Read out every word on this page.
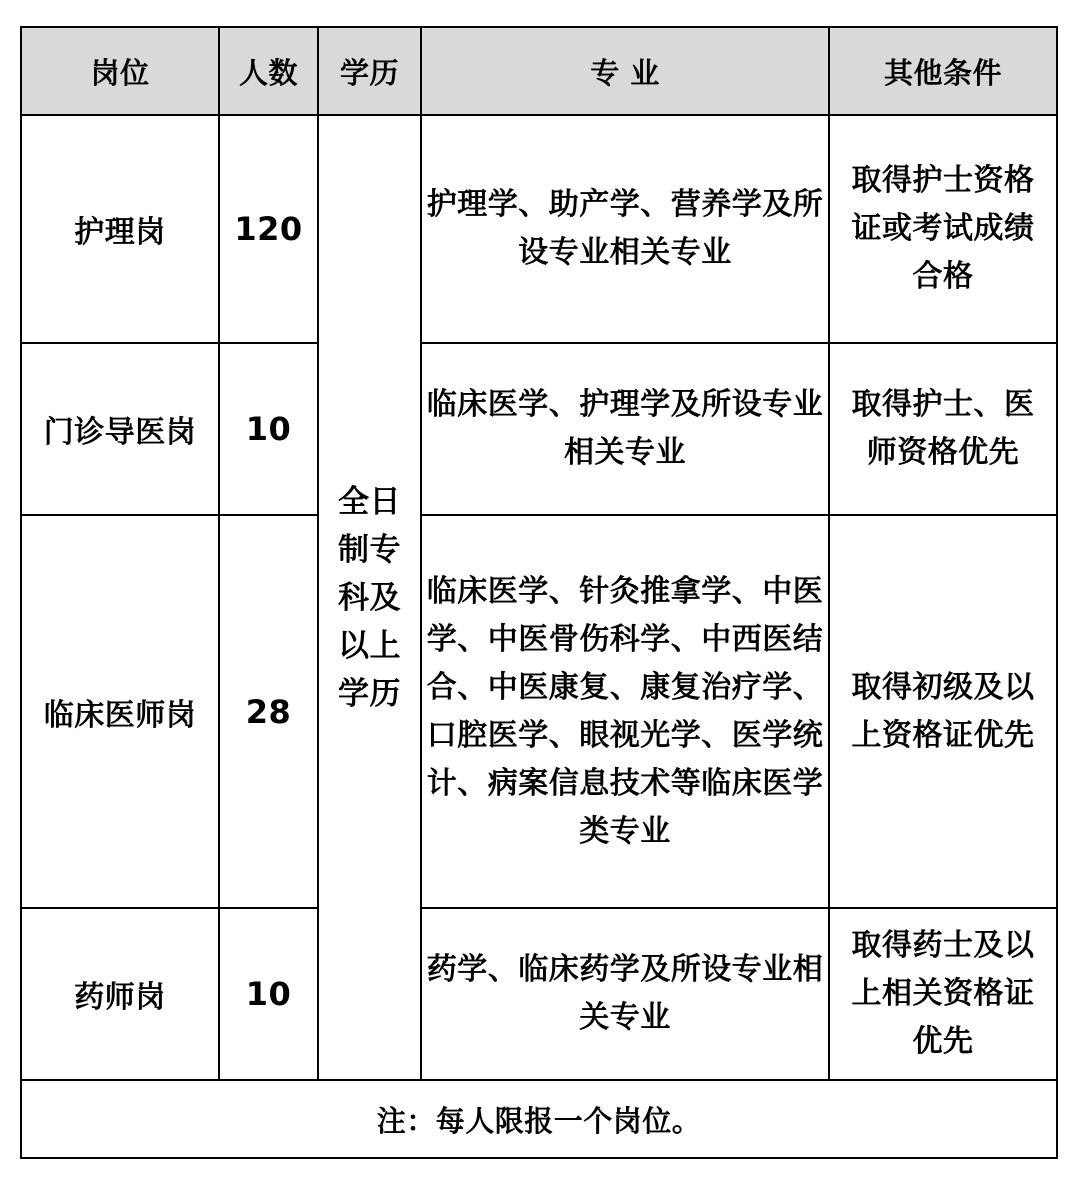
岗位	人数	学历	专 业	其他条件
护理岗	120	全日制专科及以上学历	护理学、助产学、营养学及所设专业相关专业	取得护士资格证或考试成绩合格
门诊导医岗	10		临床医学、护理学及所设专业相关专业	取得护士、医师资格优先
临床医师岗	28		临床医学、针灸推拿学、中医学、中医骨伤科学、中西医结合、中医康复、康复治疗学、口腔医学、眼视光学、医学统计、病案信息技术等临床医学类专业	取得初级及以上资格证优先
药师岗	10		药学、临床药学及所设专业相关专业	取得药士及以上相关资格证优先
注：每人限报一个岗位。				
